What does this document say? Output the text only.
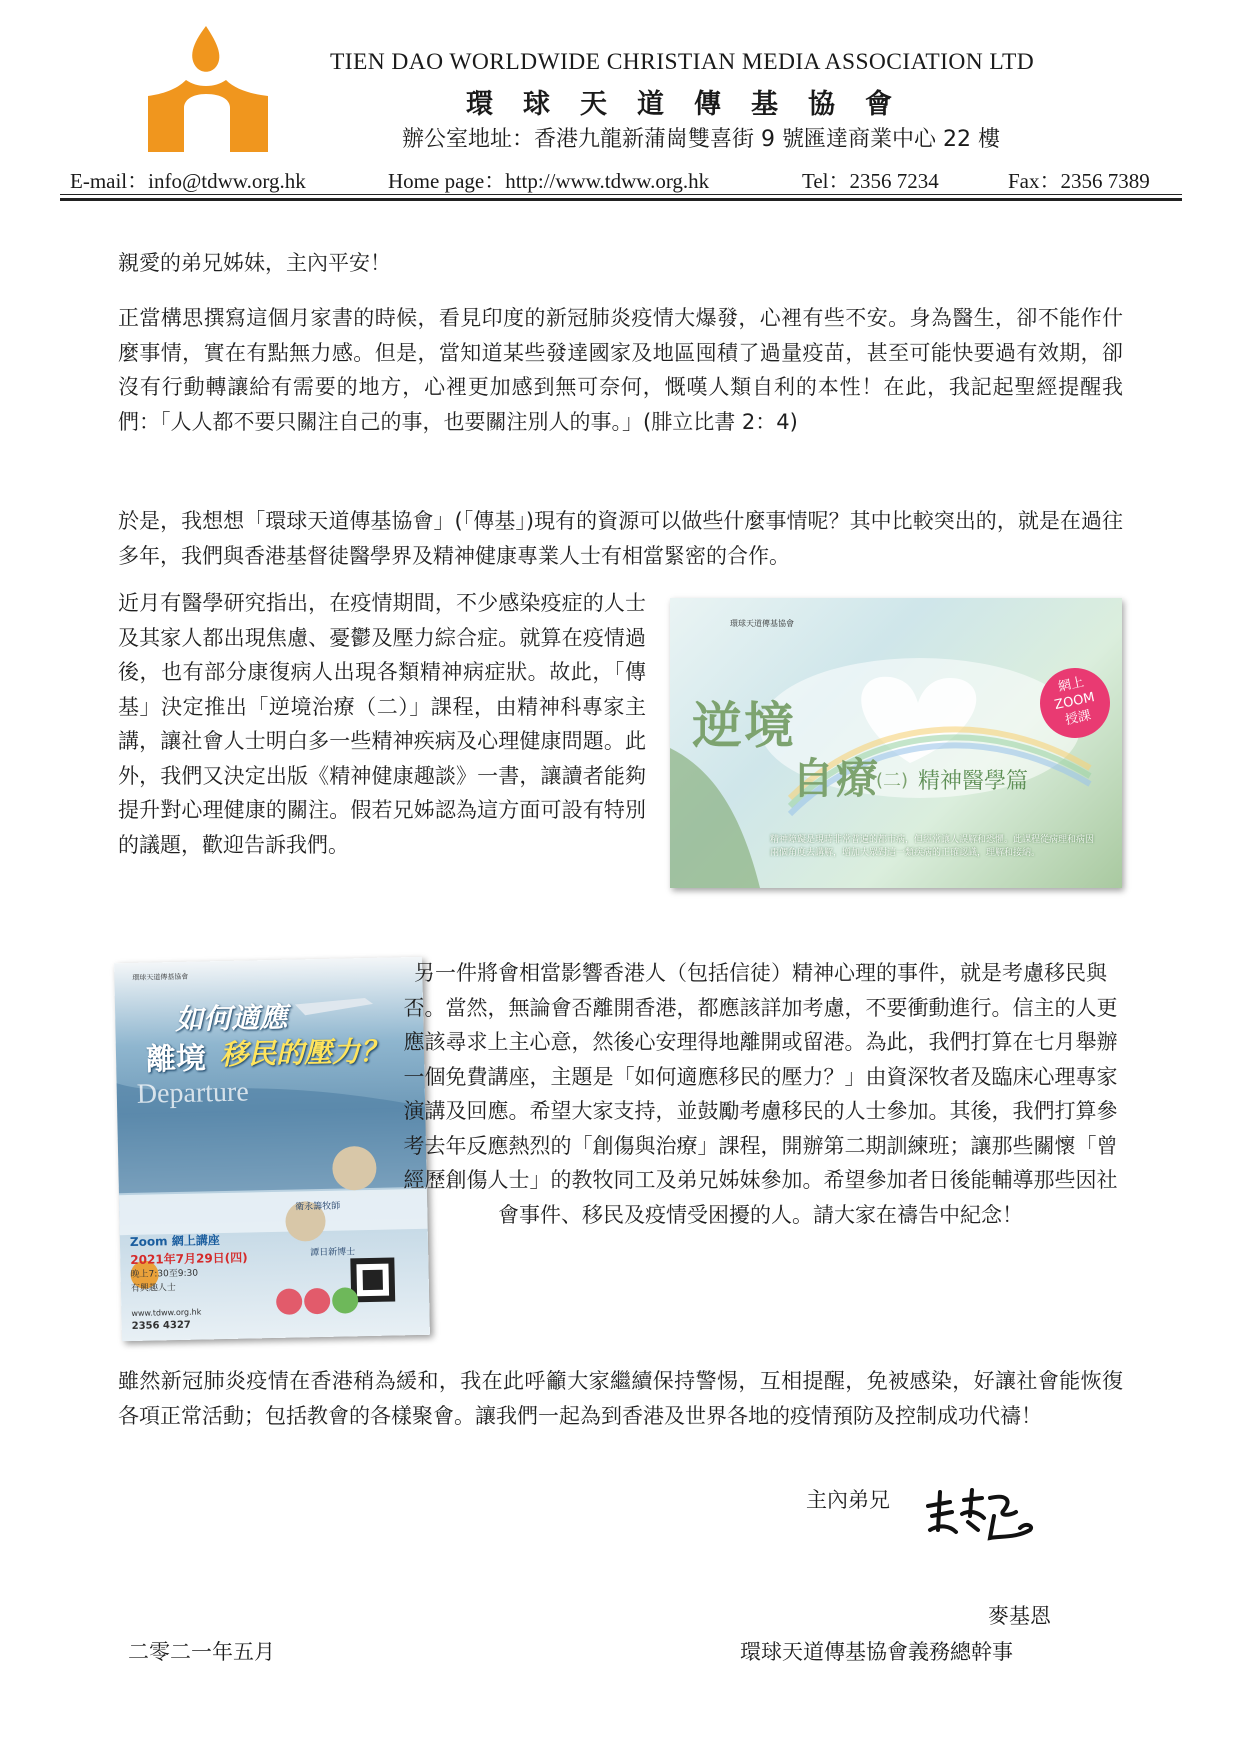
TIEN DAO WORLDWIDE CHRISTIAN MEDIA ASSOCIATION LTD
環球天道傳基協會
辦公室地址：香港九龍新蒲崗雙喜街 9 號匯達商業中心 22 樓
E-mail：info@tdww.org.hk	Home page：http://www.tdww.org.hk	Tel：2356 7234	Fax：2356 7389
親愛的弟兄姊妹，主內平安！
正當構思撰寫這個月家書的時候，看見印度的新冠肺炎疫情大爆發，心裡有些不安。身為醫生，卻不能作什麼事情，實在有點無力感。但是，當知道某些發達國家及地區囤積了過量疫苗，甚至可能快要過有效期，卻沒有行動轉讓給有需要的地方，心裡更加感到無可奈何，慨嘆人類自利的本性！在此，我記起聖經提醒我們：「人人都不要只關注自己的事，也要關注別人的事。」(腓立比書 2：4)
於是，我想想「環球天道傳基協會」(「傳基」)現有的資源可以做些什麼事情呢？其中比較突出的，就是在過往多年，我們與香港基督徒醫學界及精神健康專業人士有相當緊密的合作。
近月有醫學研究指出，在疫情期間，不少感染疫症的人士及其家人都出現焦慮、憂鬱及壓力綜合症。就算在疫情過後，也有部分康復病人出現各類精神病症狀。故此，「傳基」決定推出「逆境治療（二）」課程，由精神科專家主講，讓社會人士明白多一些精神疾病及心理健康問題。此外，我們又決定出版《精神健康趣談》一書，讓讀者能夠提升對心理健康的關注。假若兄姊認為這方面可設有特別的議題，歡迎告訴我們。
環球天道傳基協會
逆境
自療
(二) 精神醫學篇
網上
ZOOM
授課
精神障礙是現時非常普遍的都市病，但經常讓人誤解和恐懼。此課程從病理和病因兩個角度去講解，增加大眾對這一類疾病的正確認識，理解和接納。
環球天道傳基協會
如何適應
離境 移民的壓力？
Departure
衛永籌牧師
Zoom 網上講座
2021年7月29日(四)
晚上7:30至9:30
有興趣人士
譚日新博士
www.tdww.org.hk
2356 4327
另一件將會相當影響香港人（包括信徒）精神心理的事件，就是考慮移民與否。當然，無論會否離開香港，都應該詳加考慮，不要衝動進行。信主的人更應該尋求上主心意，然後心安理得地離開或留港。為此，我們打算在七月舉辦一個免費講座，主題是「如何適應移民的壓力？」由資深牧者及臨床心理專家演講及回應。希望大家支持，並鼓勵考慮移民的人士參加。其後，我們打算參考去年反應熱烈的「創傷與治療」課程，開辦第二期訓練班；讓那些關懷「曾經歷創傷人士」的教牧同工及弟兄姊妹參加。希望參加者日後能輔導那些因社會事件、移民及疫情受困擾的人。請大家在禱告中紀念！
雖然新冠肺炎疫情在香港稍為緩和，我在此呼籲大家繼續保持警惕，互相提醒，免被感染，好讓社會能恢復各項正常活動；包括教會的各樣聚會。讓我們一起為到香港及世界各地的疫情預防及控制成功代禱！
主內弟兄
麥基恩
二零二一年五月	環球天道傳基協會義務總幹事
